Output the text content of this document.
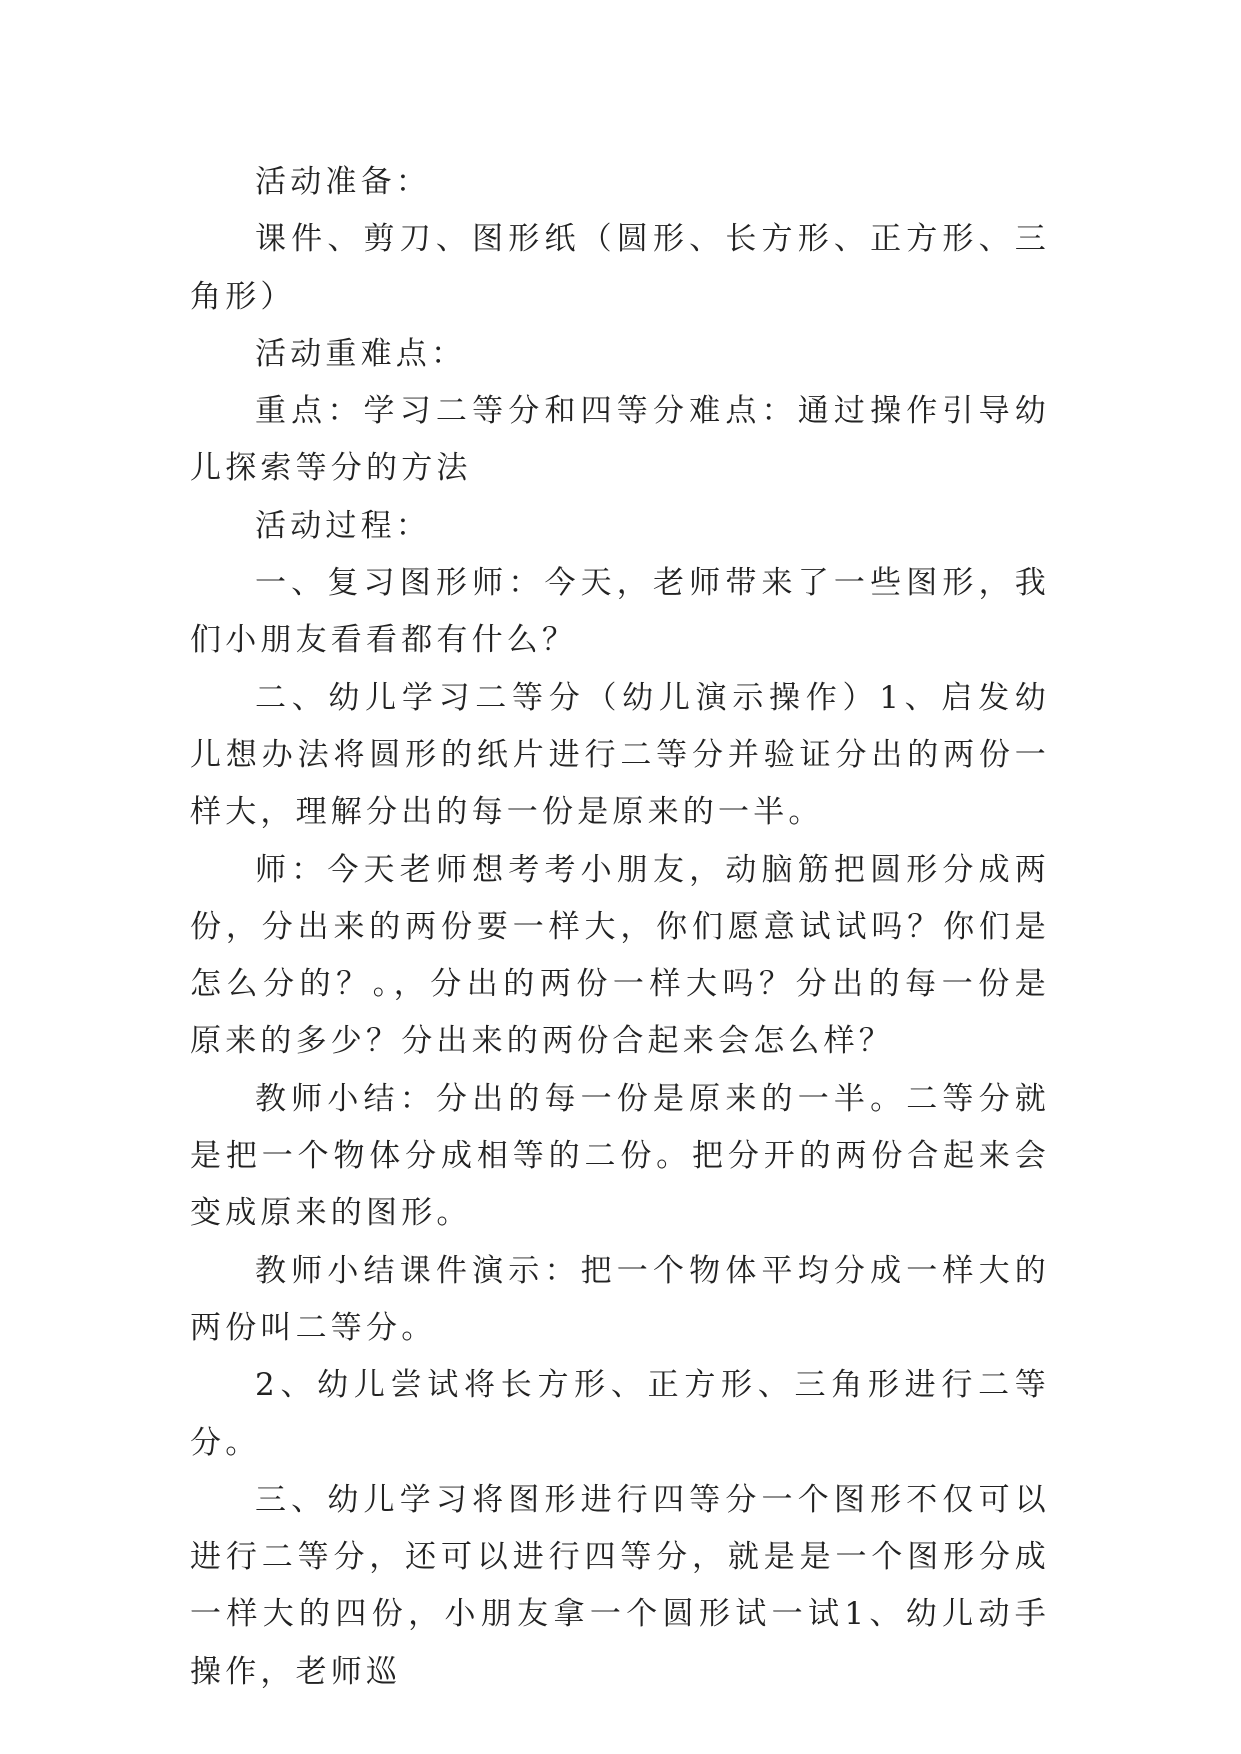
活动准备：

课件、剪刀、图形纸（圆形、长方形、正方形、三角形）

活动重难点：

重点：学习二等分和四等分难点：通过操作引导幼儿探索等分的方法

活动过程：

一、复习图形师：今天，老师带来了一些图形，我们小朋友看看都有什么？

二、幼儿学习二等分（幼儿演示操作）1、启发幼儿想办法将圆形的纸片进行二等分并验证分出的两份一样大，理解分出的每一份是原来的一半。

师：今天老师想考考小朋友，动脑筋把圆形分成两份，分出来的两份要一样大，你们愿意试试吗？你们是怎么分的？。，分出的两份一样大吗？分出的每一份是原来的多少？分出来的两份合起来会怎么样？

教师小结：分出的每一份是原来的一半。二等分就是把一个物体分成相等的二份。把分开的两份合起来会变成原来的图形。

教师小结课件演示：把一个物体平均分成一样大的两份叫二等分。

2、幼儿尝试将长方形、正方形、三角形进行二等分。

三、幼儿学习将图形进行四等分一个图形不仅可以进行二等分，还可以进行四等分，就是是一个图形分成一样大的四份，小朋友拿一个圆形试一试1、幼儿动手操作，老师巡
